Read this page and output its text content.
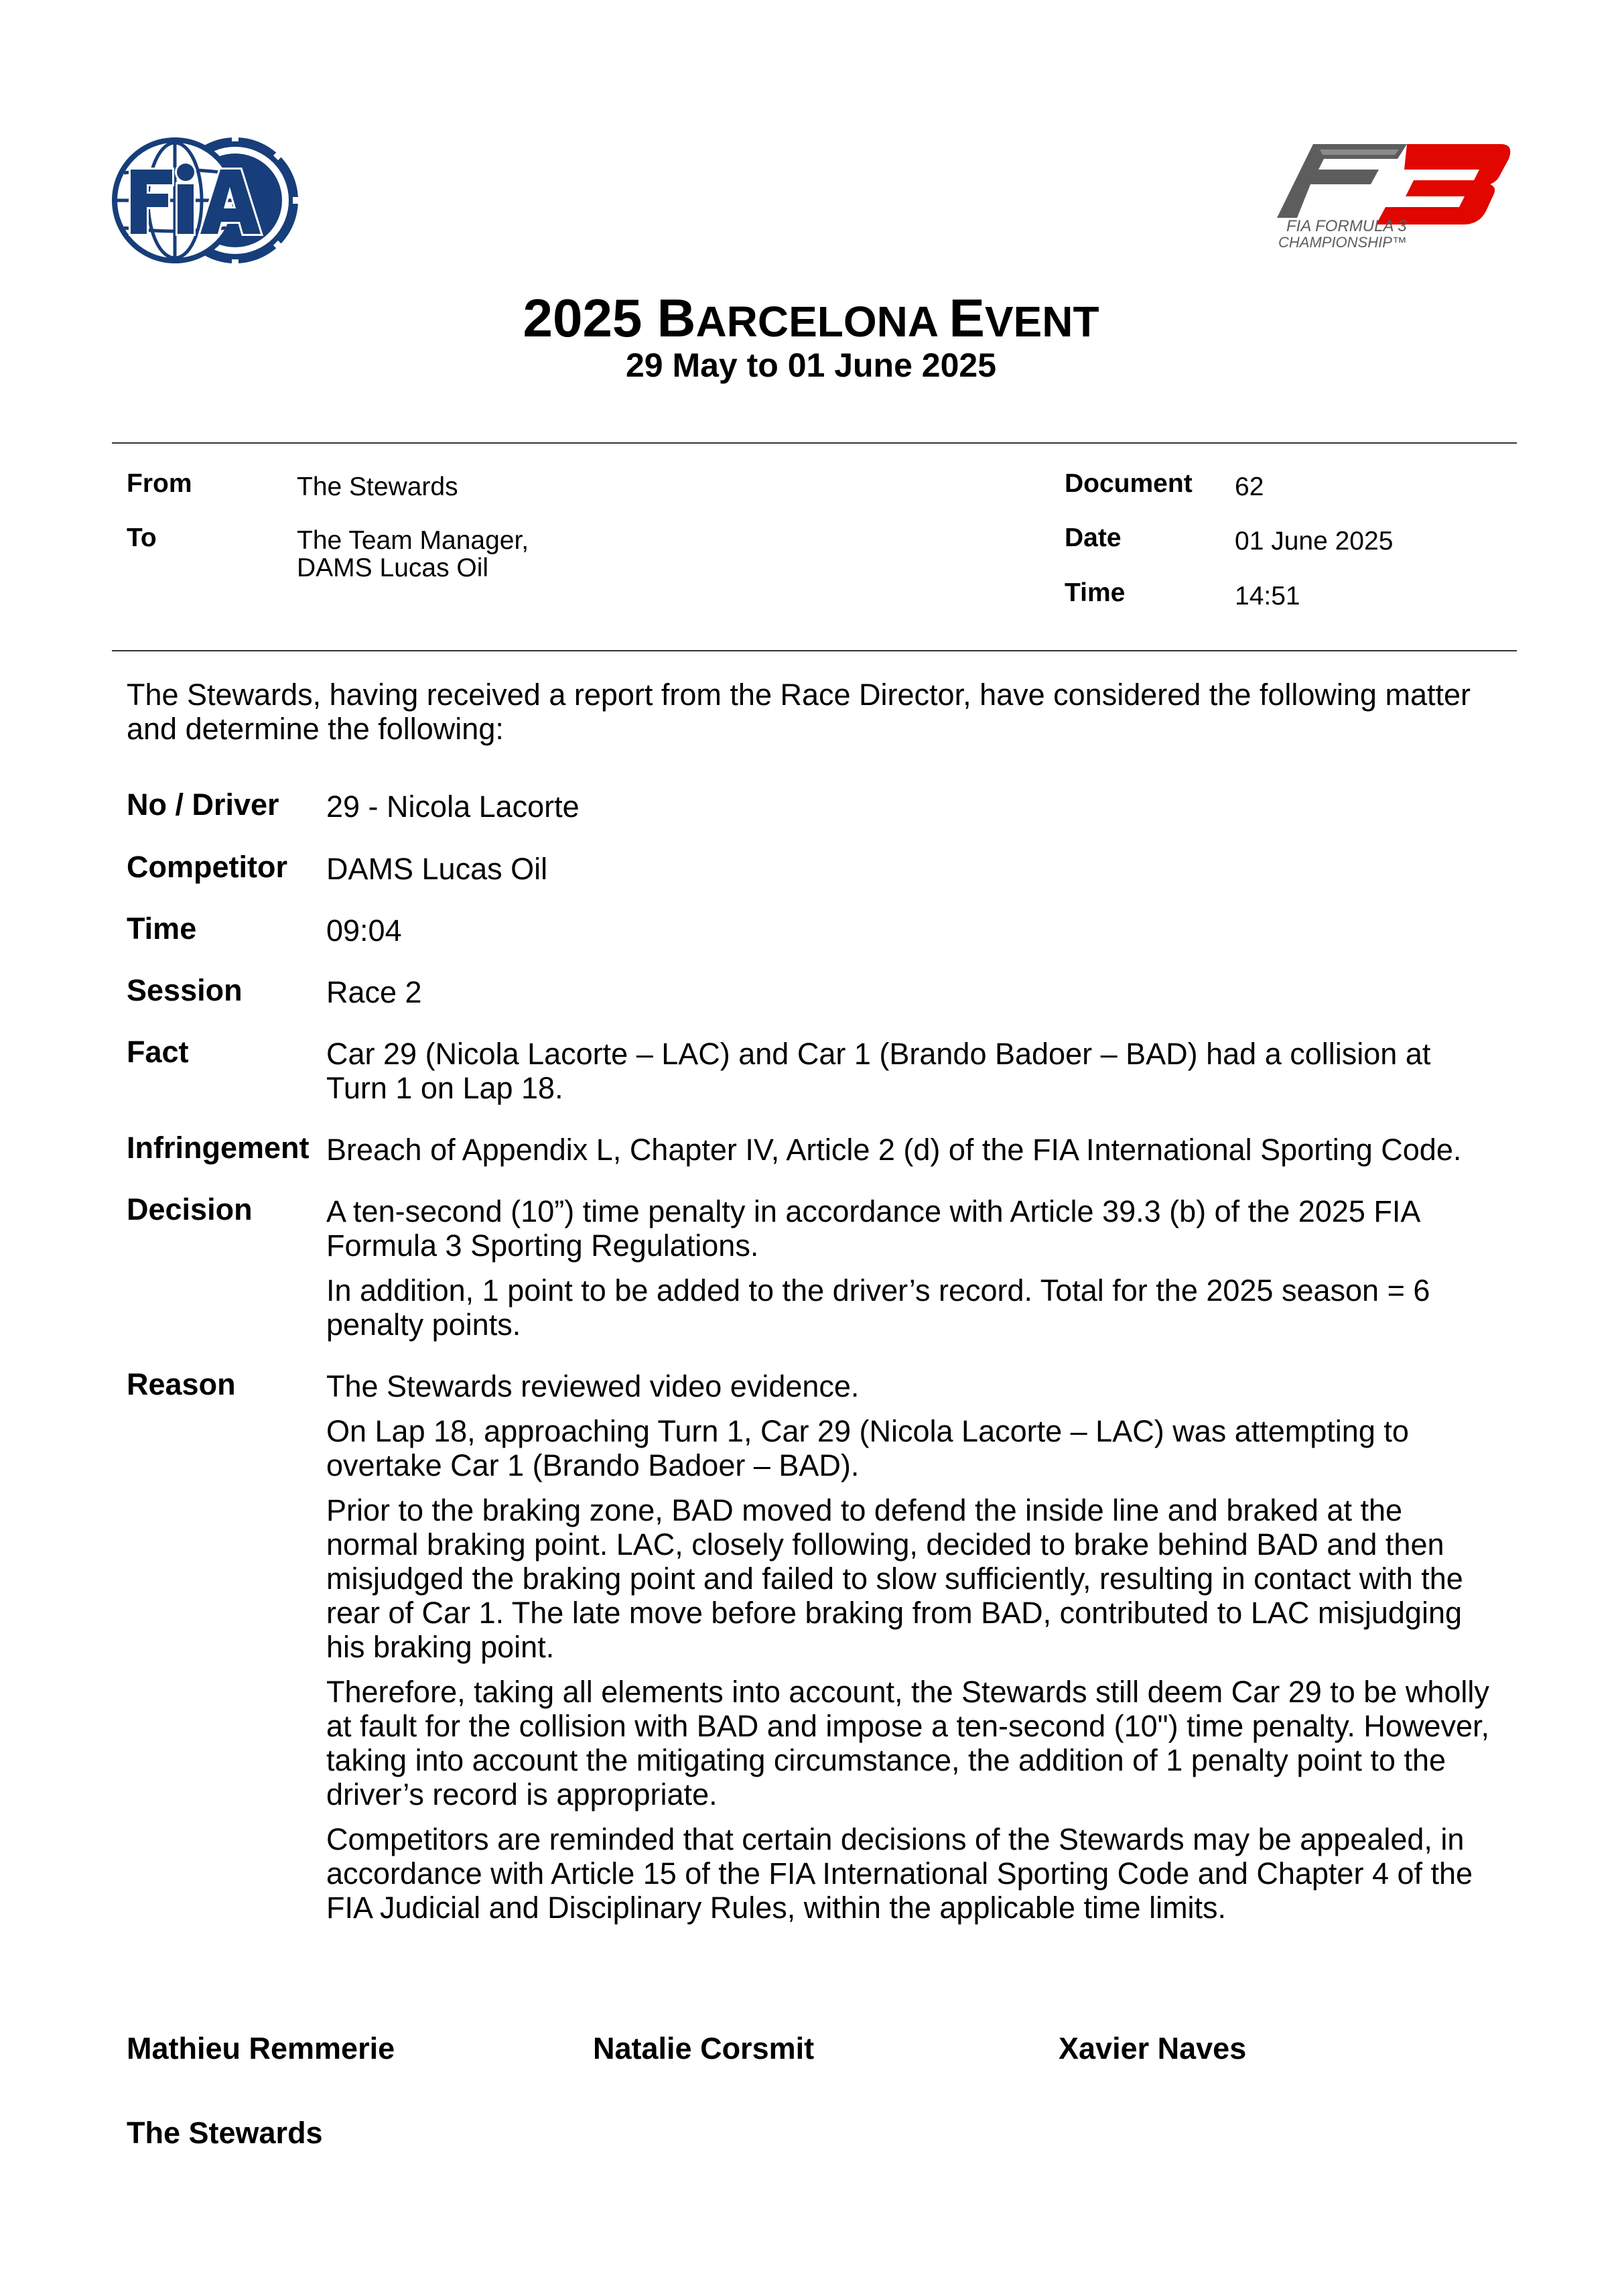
FIA FORMULA 3
CHAMPIONSHIP™
2025 BARCELONA EVENT
29 May to 01 June 2025
From	The Stewards
To	The Team Manager,
DAMS Lucas Oil
Document 62
Date	01 June 2025
Time	14:51
The Stewards, having received a report from the Race Director, have considered the following matter and determine the following:
No / Driver 29 - Nicola Lacorte
Competitor DAMS Lucas Oil
Time	09:04
Session	Race 2
Fact	Car 29 (Nicola Lacorte – LAC) and Car 1 (Brando Badoer – BAD) had a collision at Turn 1 on Lap 18.
Infringement Breach of Appendix L, Chapter IV, Article 2 (d) of the FIA International Sporting Code.
Decision A ten-second (10”) time penalty in accordance with Article 39.3 (b) of the 2025 FIA Formula 3 Sporting Regulations.

In addition, 1 point to be added to the driver’s record. Total for the 2025 season = 6 penalty points.

Reason	The Stewards reviewed video evidence.

On Lap 18, approaching Turn 1, Car 29 (Nicola Lacorte – LAC) was attempting to overtake Car 1 (Brando Badoer – BAD).

Prior to the braking zone, BAD moved to defend the inside line and braked at the normal braking point. LAC, closely following, decided to brake behind BAD and then misjudged the braking point and failed to slow sufficiently, resulting in contact with the rear of Car 1. The late move before braking from BAD, contributed to LAC misjudging his braking point.

Therefore, taking all elements into account, the Stewards still deem Car 29 to be wholly at fault for the collision with BAD and impose a ten-second (10") time penalty. However, taking into account the mitigating circumstance, the addition of 1 penalty point to the driver’s record is appropriate.

Competitors are reminded that certain decisions of the Stewards may be appealed, in accordance with Article 15 of the FIA International Sporting Code and Chapter 4 of the FIA Judicial and Disciplinary Rules, within the applicable time limits.

Mathieu Remmerie	Natalie Corsmit	Xavier Naves
The Stewards
